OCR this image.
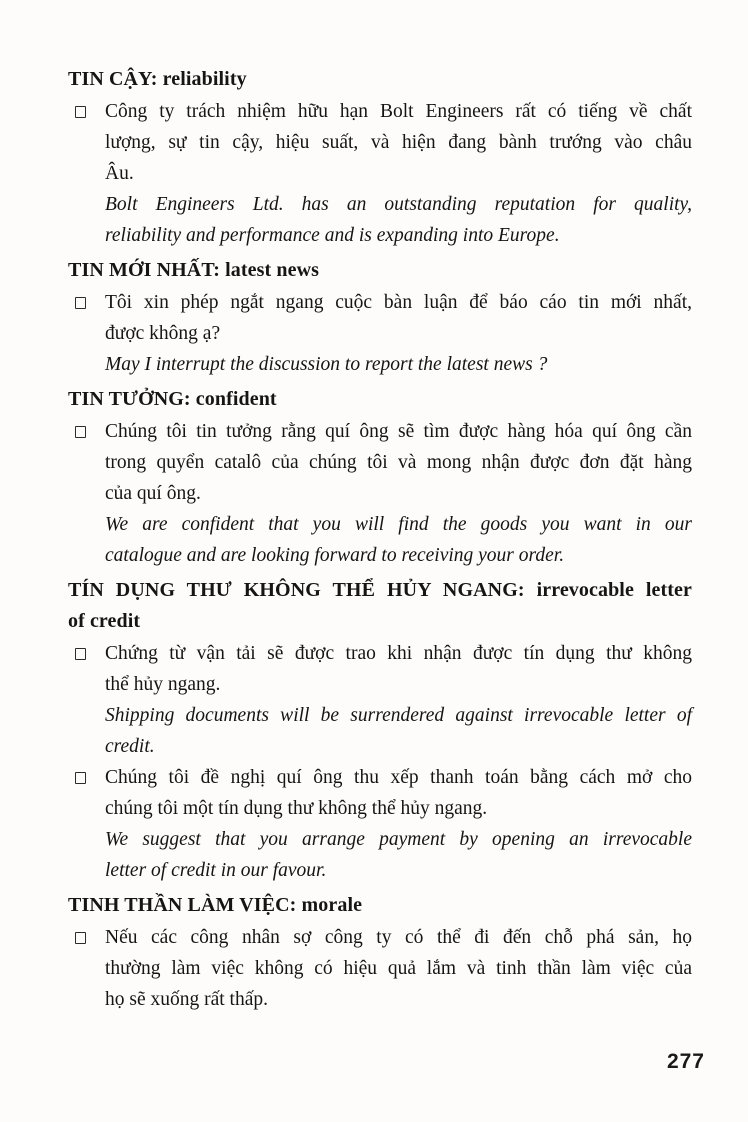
TIN CẬY: reliability
Công ty trách nhiệm hữu hạn Bolt Engineers rất có tiếng về chất
lượng, sự tin cậy, hiệu suất, và hiện đang bành trướng vào châu
Âu.
Bolt Engineers Ltd. has an outstanding reputation for quality,
reliability and performance and is expanding into Europe.
TIN MỚI NHẤT: latest news
Tôi xin phép ngắt ngang cuộc bàn luận để báo cáo tin mới nhất,
được không ạ?
May I interrupt the discussion to report the latest news ?
TIN TƯỞNG: confident
Chúng tôi tin tưởng rằng quí ông sẽ tìm được hàng hóa quí ông cần
trong quyển catalô của chúng tôi và mong nhận được đơn đặt hàng
của quí ông.
We are confident that you will find the goods you want in our
catalogue and are looking forward to receiving your order.
TÍN DỤNG THƯ KHÔNG THỂ HỦY NGANG: irrevocable letter
of credit
Chứng từ vận tải sẽ được trao khi nhận được tín dụng thư không
thể hủy ngang.
Shipping documents will be surrendered against irrevocable letter of
credit.
Chúng tôi đề nghị quí ông thu xếp thanh toán bằng cách mở cho
chúng tôi một tín dụng thư không thể hủy ngang.
We suggest that you arrange payment by opening an irrevocable
letter of credit in our favour.
TINH THẦN LÀM VIỆC: morale
Nếu các công nhân sợ công ty có thể đi đến chỗ phá sản, họ
thường làm việc không có hiệu quả lắm và tinh thần làm việc của
họ sẽ xuống rất thấp.
277
